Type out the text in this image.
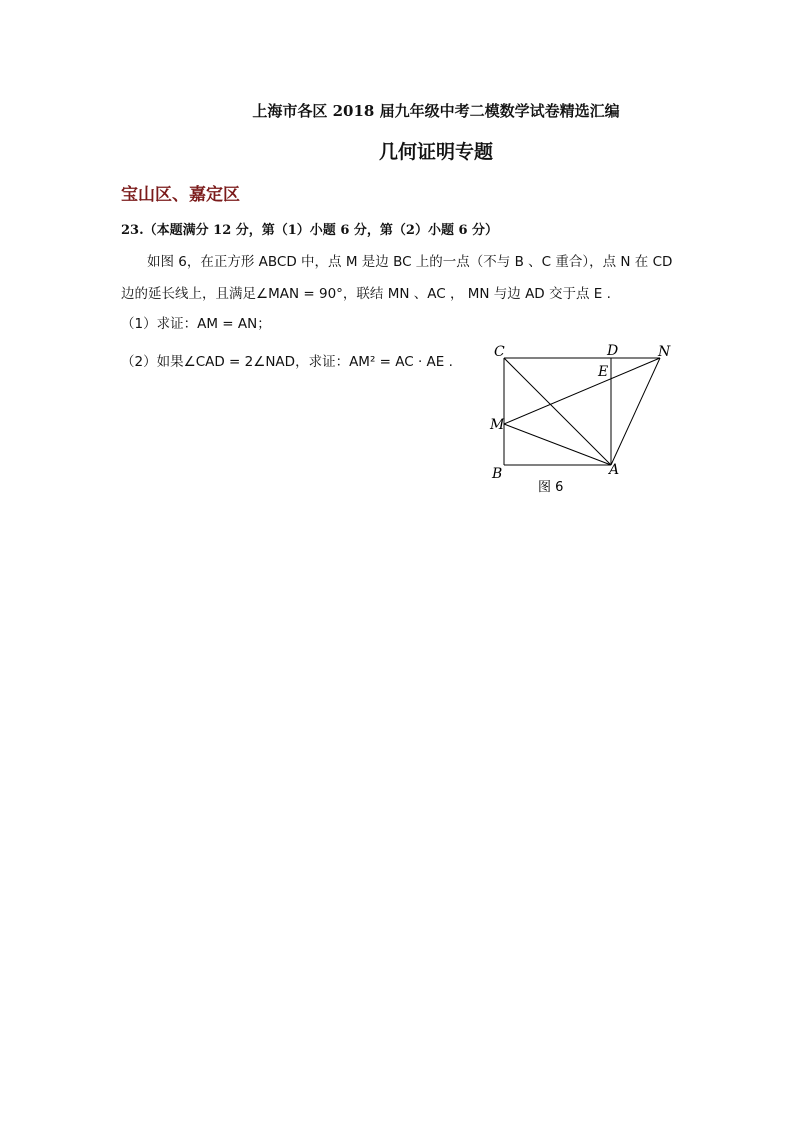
上海市各区 2018 届九年级中考二模数学试卷精选汇编
几何证明专题
宝山区、嘉定区
23.（本题满分 12 分，第（1）小题 6 分，第（2）小题 6 分）
如图 6，在正方形 ABCD 中，点 M 是边 BC 上的一点（不与 B 、C 重合），点 N 在 CD
边的延长线上，且满足∠MAN = 90°，联结 MN 、AC ， MN 与边 AD 交于点 E .
（1）求证：AM = AN；
（2）如果∠CAD = 2∠NAD，求证：AM² = AC · AE .
C	D	N
E
M
B	A
图 6
